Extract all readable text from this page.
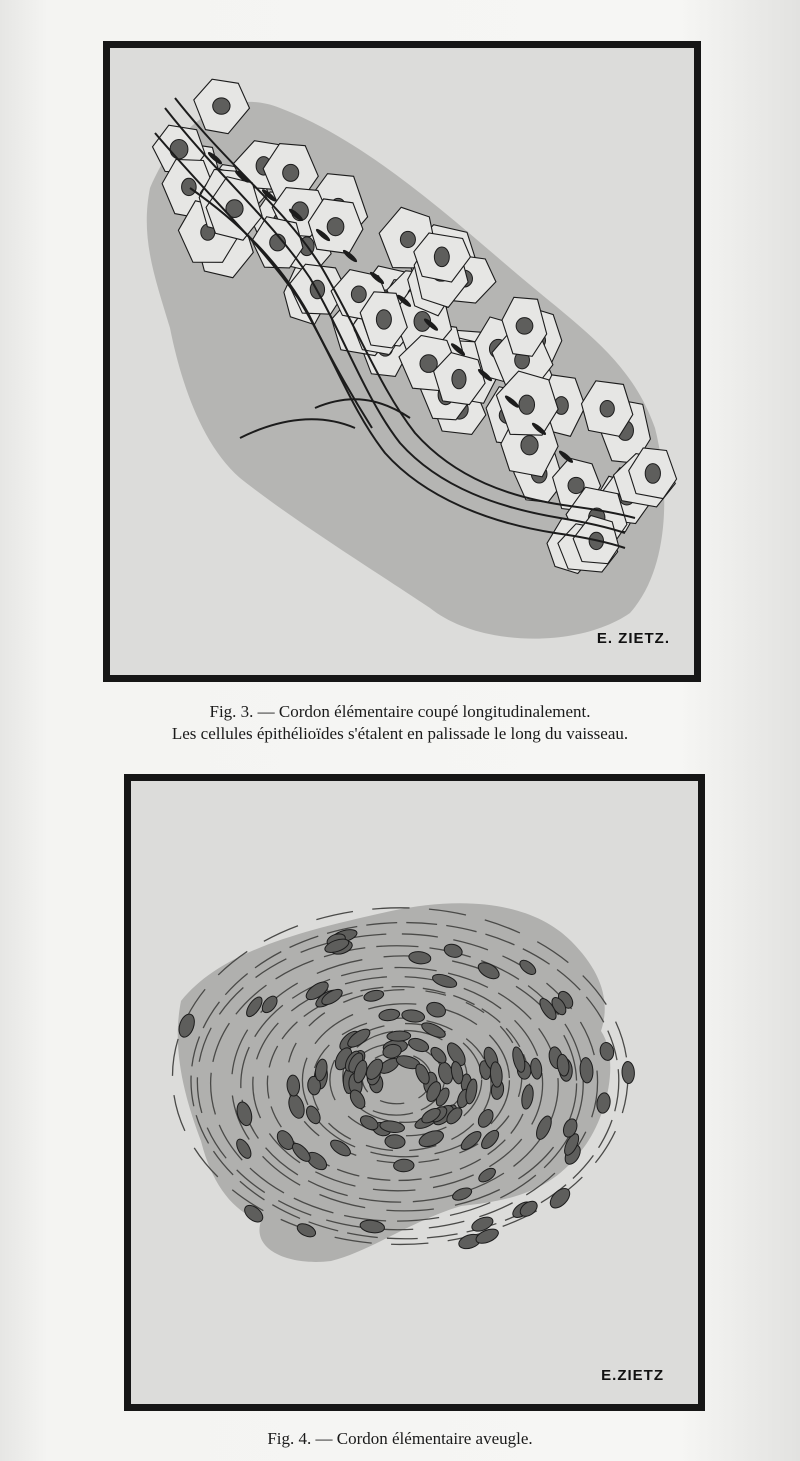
E. ZIETZ.
Fig. 3. — Cordon élémentaire coupé longitudinalement.
Les cellules épithélioïdes s'étalent en palissade le long du vaisseau.
E.ZIETZ
Fig. 4. — Cordon élémentaire aveugle.
